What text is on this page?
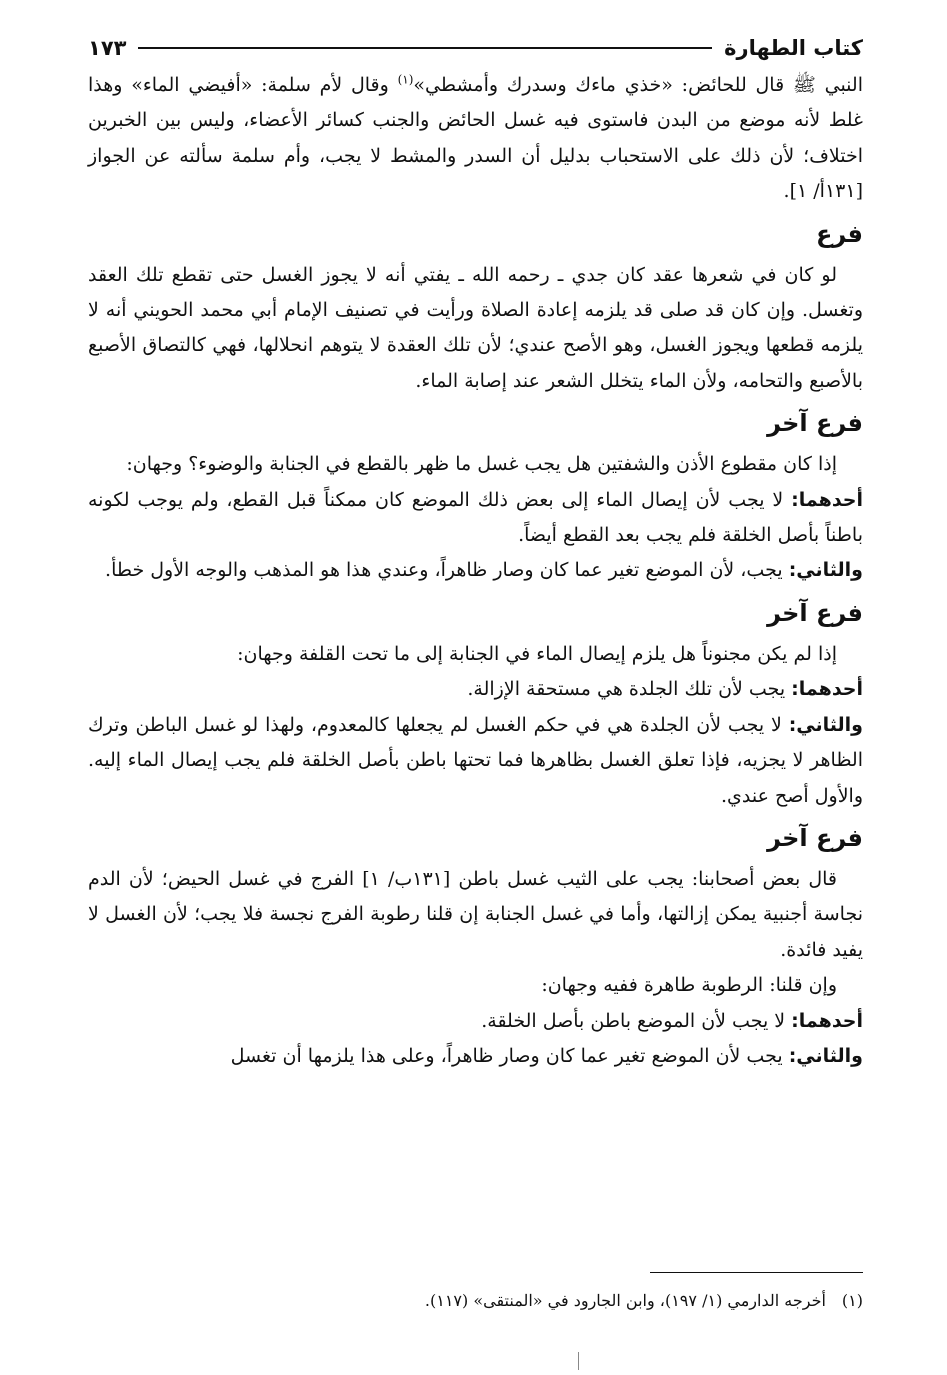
كتاب الطهارة
١٧٣

النبي ﷺ قال للحائض: «خذي ماءك وسدرك وأمشطي»$^{(١)}$ وقال لأم سلمة: «أفيضي الماء» وهذا غلط لأنه موضع من البدن فاستوى فيه غسل الحائض والجنب كسائر الأعضاء، وليس بين الخبرين اختلاف؛ لأن ذلك على الاستحباب بدليل أن السدر والمشط لا يجب، وأم سلمة سألته عن الجواز [١٣١أ/ ١].

فرع

لو كان في شعرها عقد كان جدي ـ رحمه الله ـ يفتي أنه لا يجوز الغسل حتى تقطع تلك العقد وتغسل. وإن كان قد صلى قد يلزمه إعادة الصلاة ورأيت في تصنيف الإمام أبي محمد الحويني أنه لا يلزمه قطعها ويجوز الغسل، وهو الأصح عندي؛ لأن تلك العقدة لا يتوهم انحلالها، فهي كالتصاق الأصبع بالأصبع والتحامه، ولأن الماء يتخلل الشعر عند إصابة الماء.

فرع آخر

إذا كان مقطوع الأذن والشفتين هل يجب غسل ما ظهر بالقطع في الجنابة والوضوء؟ وجهان:

أحدهما: لا يجب لأن إيصال الماء إلى بعض ذلك الموضع كان ممكناً قبل القطع، ولم يوجب لكونه باطناً بأصل الخلقة فلم يجب بعد القطع أيضاً.

والثاني: يجب، لأن الموضع تغير عما كان وصار ظاهراً، وعندي هذا هو المذهب والوجه الأول خطأ.

فرع آخر

إذا لم يكن مجنوناً هل يلزم إيصال الماء في الجنابة إلى ما تحت القلفة وجهان:

أحدهما: يجب لأن تلك الجلدة هي مستحقة الإزالة.

والثاني: لا يجب لأن الجلدة هي في حكم الغسل لم يجعلها كالمعدوم، ولهذا لو غسل الباطن وترك الظاهر لا يجزيه، فإذا تعلق الغسل بظاهرها فما تحتها باطن بأصل الخلقة فلم يجب إيصال الماء إليه. والأول أصح عندي.

فرع آخر

قال بعض أصحابنا: يجب على الثيب غسل باطن [١٣١ب/ ١] الفرج في غسل الحيض؛ لأن الدم نجاسة أجنبية يمكن إزالتها، وأما في غسل الجنابة إن قلنا رطوبة الفرج نجسة فلا يجب؛ لأن الغسل لا يفيد فائدة.

وإن قلنا: الرطوبة طاهرة ففيه وجهان:

أحدهما: لا يجب لأن الموضع باطن بأصل الخلقة.

والثاني: يجب لأن الموضع تغير عما كان وصار ظاهراً، وعلى هذا يلزمها أن تغسل

(١)أخرجه الدارمي (١/ ١٩٧)، وابن الجارود في «المنتقى» (١١٧).
